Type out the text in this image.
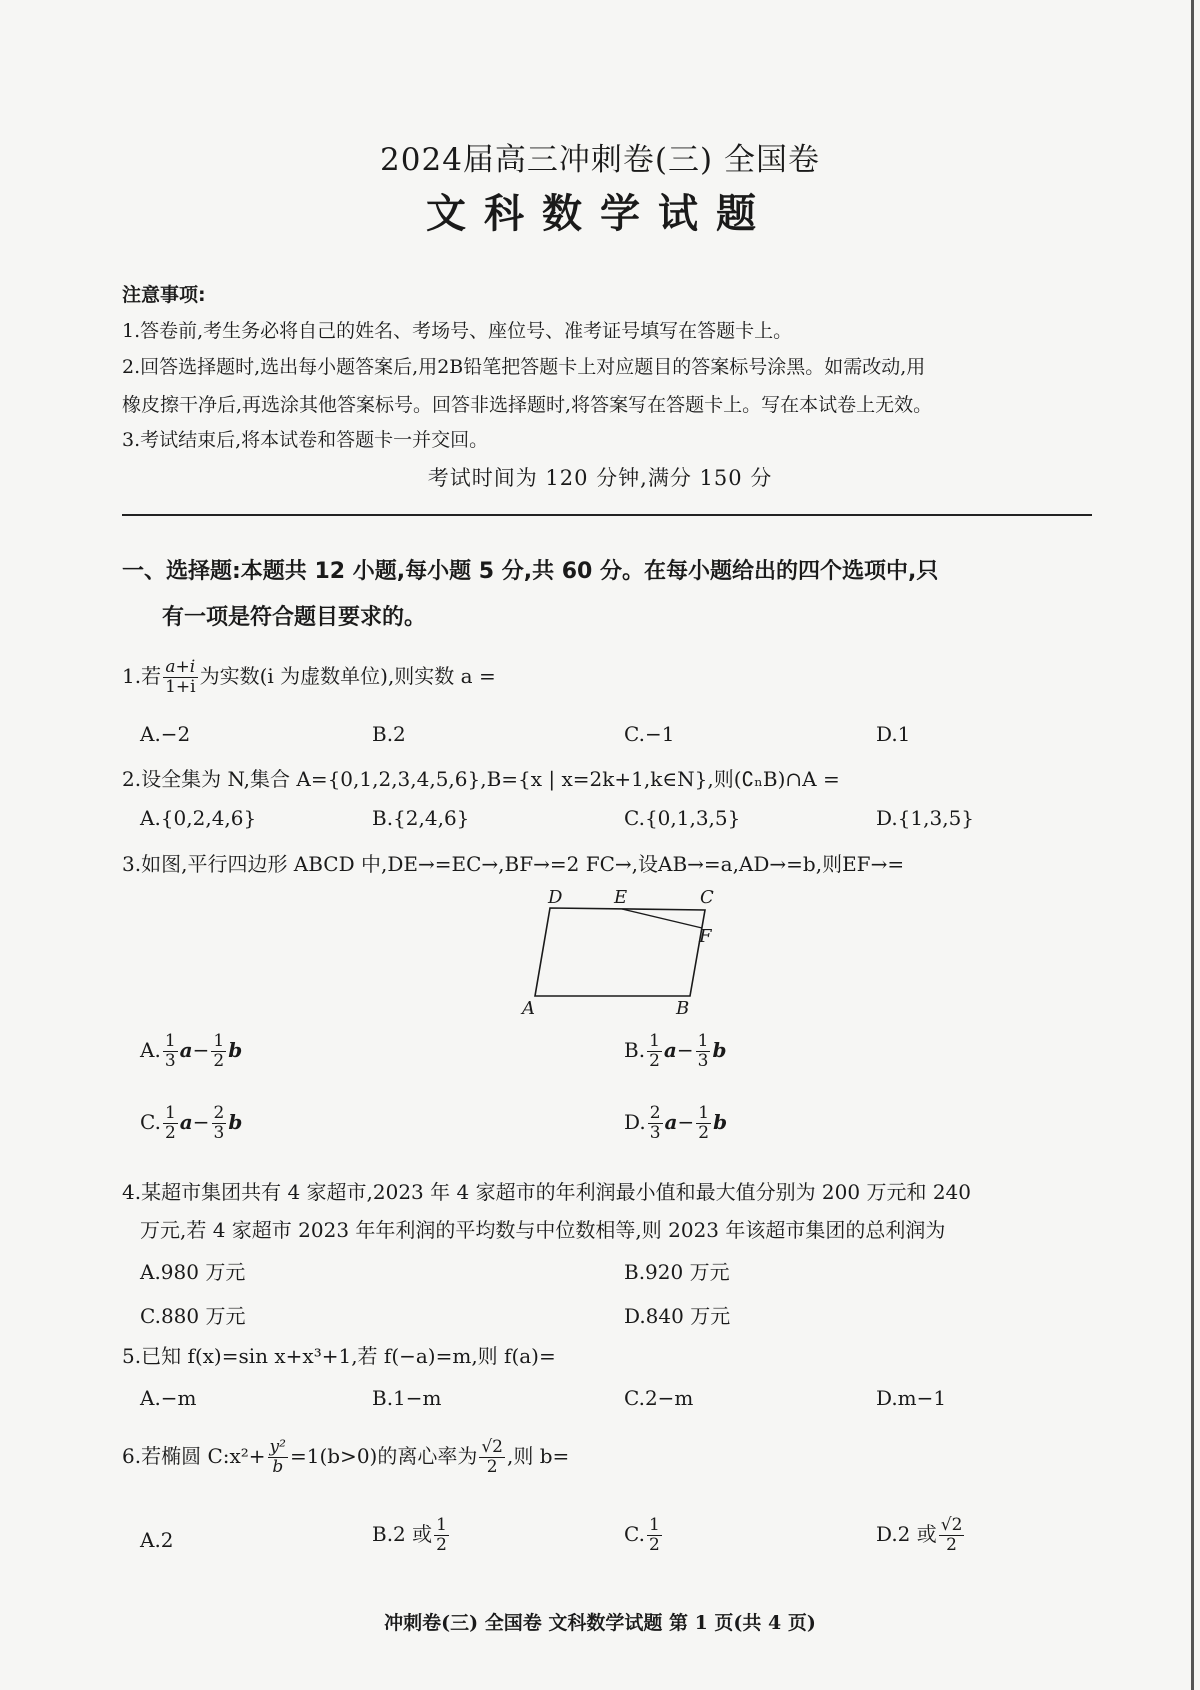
2024届高三冲刺卷(三) 全国卷
文科数学试题
注意事项:
1.答卷前,考生务必将自己的姓名、考场号、座位号、准考证号填写在答题卡上。
2.回答选择题时,选出每小题答案后,用2B铅笔把答题卡上对应题目的答案标号涂黑。如需改动,用
橡皮擦干净后,再选涂其他答案标号。回答非选择题时,将答案写在答题卡上。写在本试卷上无效。
3.考试结束后,将本试卷和答题卡一并交回。
考试时间为 120 分钟,满分 150 分
一、选择题:本题共 12 小题,每小题 5 分,共 60 分。在每小题给出的四个选项中,只
有一项是符合题目要求的。
1.若 $\frac{a+i}{1+i}$ 为实数(i 为虚数单位),则实数 a =
A.−2	B.2	C.−1	D.1
2.设全集为 N,集合 A={0,1,2,3,4,5,6},B={x | x=2k+1,k∈N},则(∁ₙB)∩A =
A.{0,2,4,6}	B.{2,4,6}	C.{0,1,3,5}	D.{1,3,5}
3.如图,平行四边形 ABCD 中,DE→=EC→,BF→=2 FC→,设AB→=a,AD→=b,则EF→=
D	E	C
F
A	B
A. $\frac{1}{3} a- \frac{1}{2}$ b	B. $\frac{1}{2} a- \frac{1}{3}$ b
C. $\frac{1}{2} a- \frac{2}{3}$ b	D. $\frac{2}{3} a- \frac{1}{2}$ b
4.某超市集团共有 4 家超市,2023 年 4 家超市的年利润最小值和最大值分别为 200 万元和 240
万元,若 4 家超市 2023 年年利润的平均数与中位数相等,则 2023 年该超市集团的总利润为
A.980 万元	B.920 万元
C.880 万元	D.840 万元
5.已知 f(x)=sin x+x³+1,若 f(−a)=m,则 f(a)=
A.−m	B.1−m	C.2−m	D.m−1
6.若椭圆 C:x²+ $\frac{\text{y²}}{b} =1(b>0)$的离心率为 $\frac{√2}{2}$ ,则 b=
A.2	B.2 或 $\frac{1}{2}$	C. $\frac{1}{2}$	D.2 或 $\frac{√2}{2}$
冲刺卷(三) 全国卷 文科数学试题 第 1 页(共 4 页)
